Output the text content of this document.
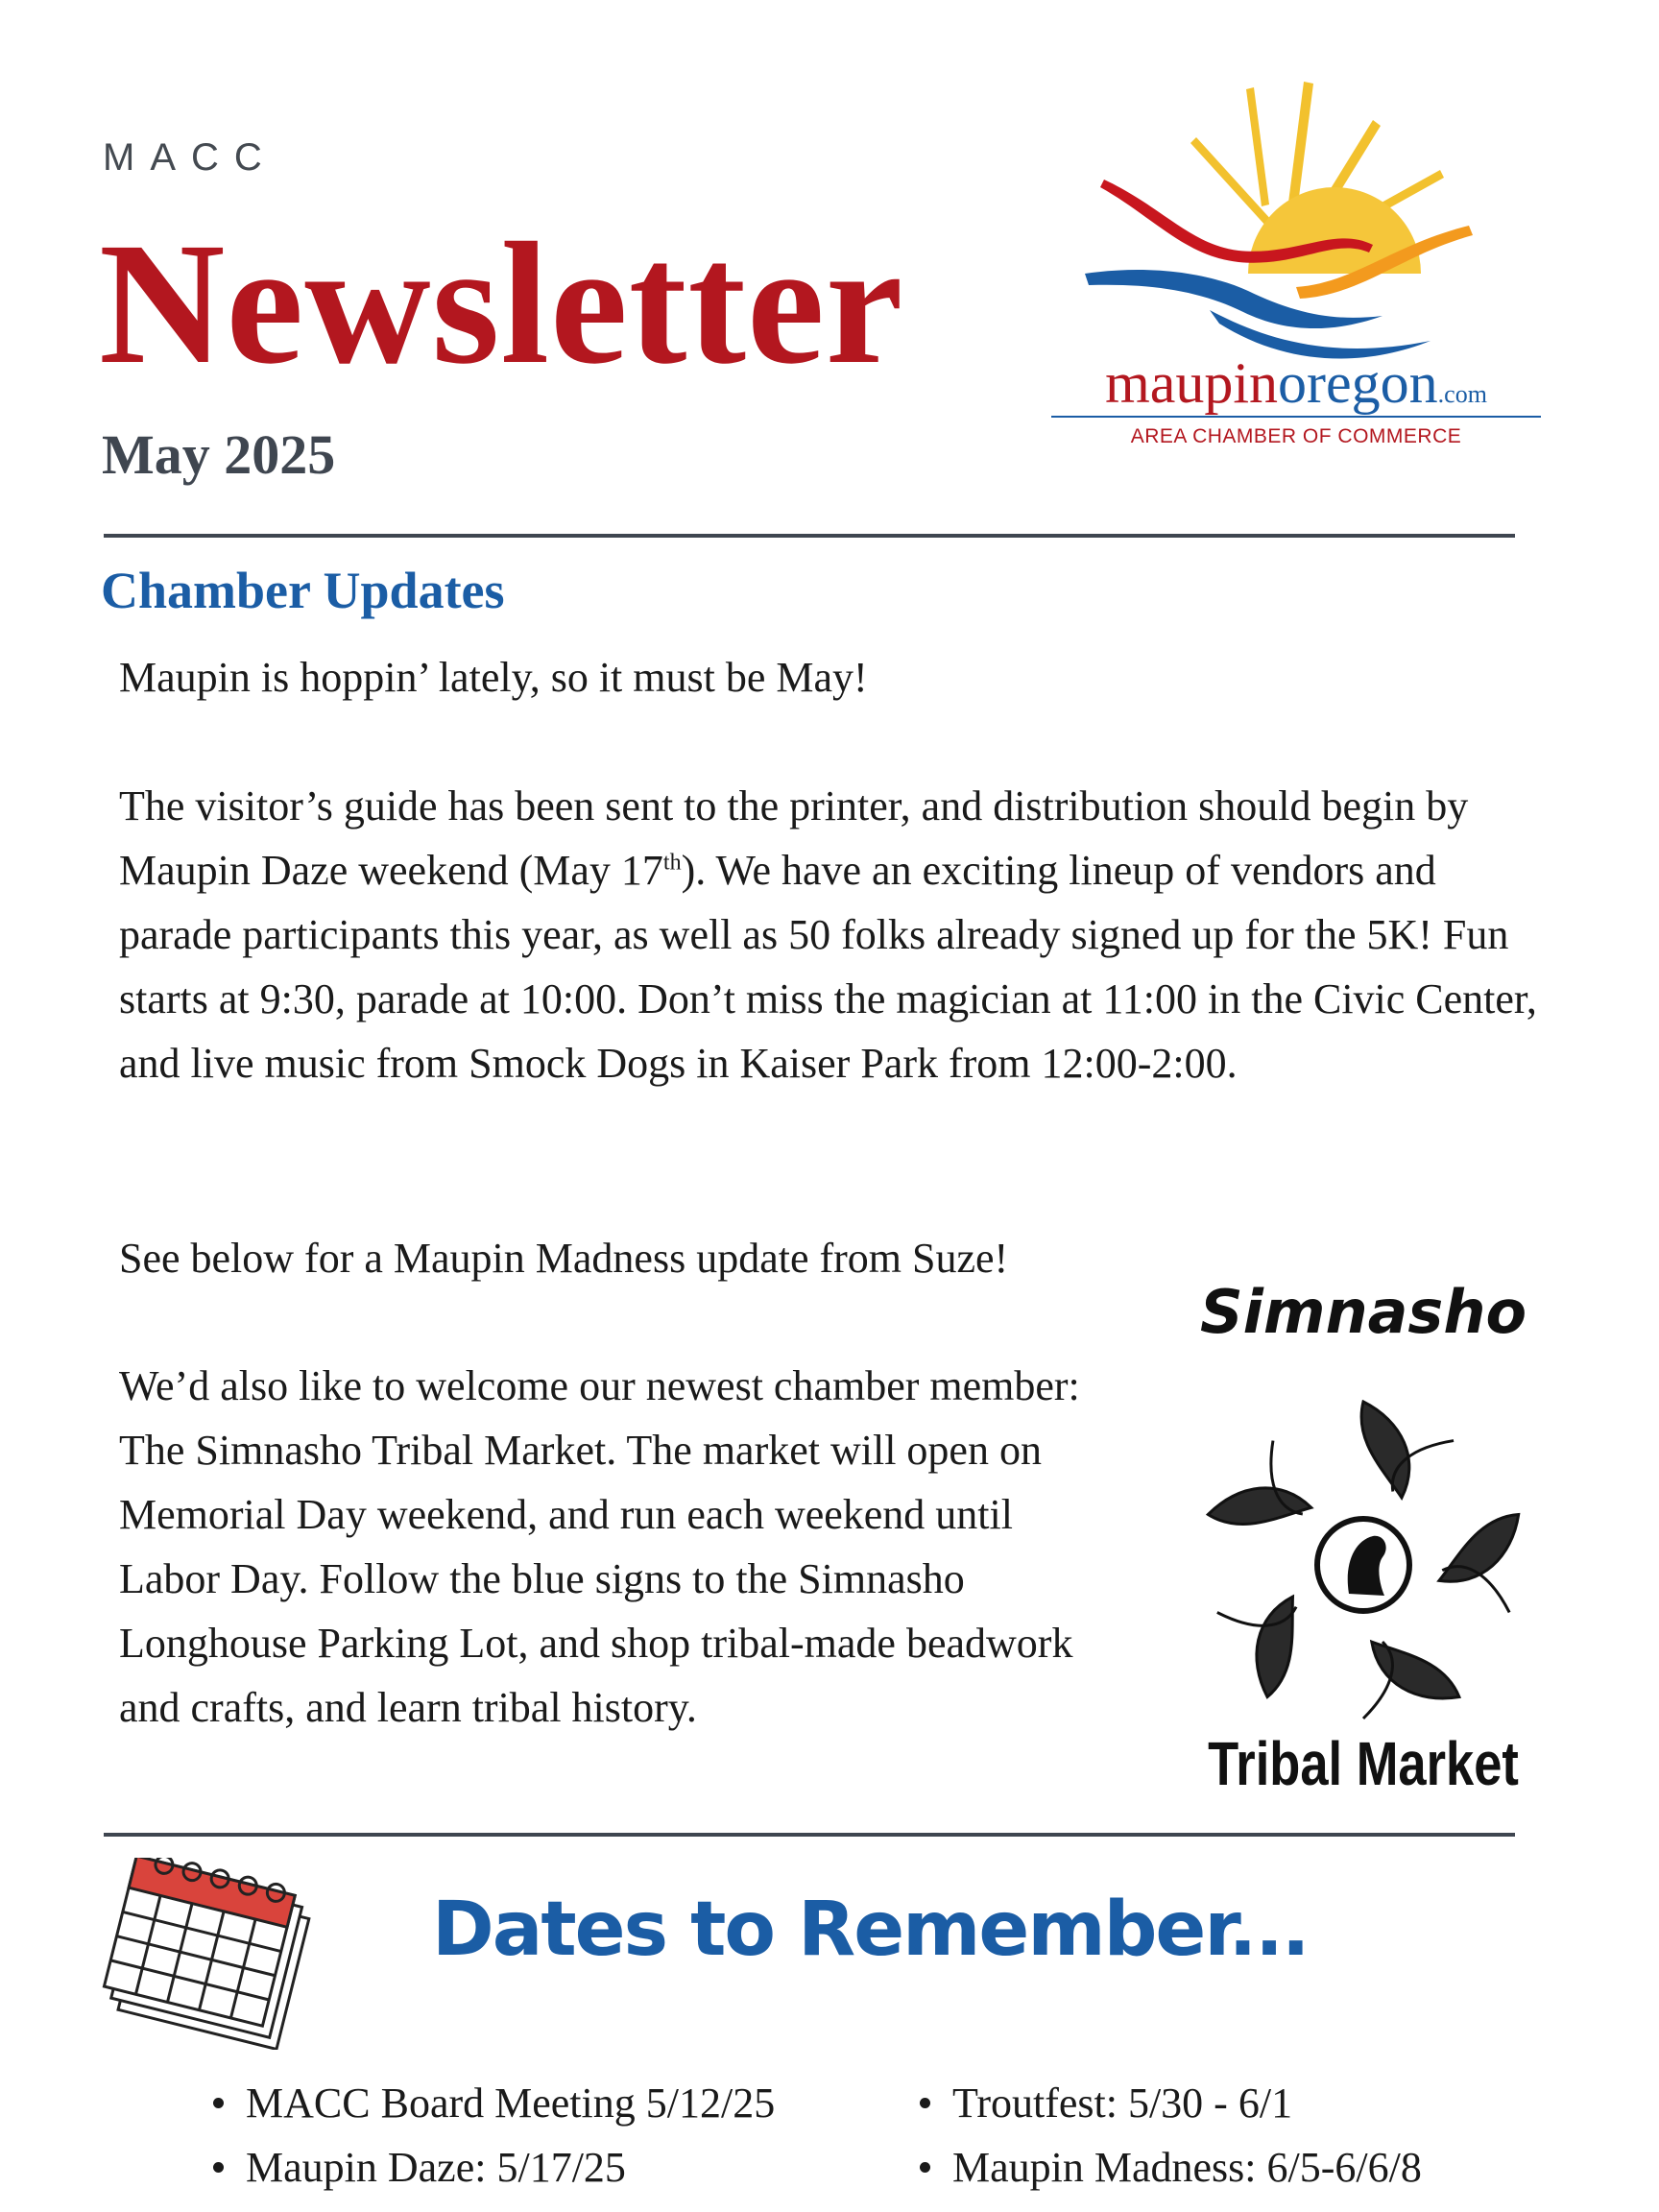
MACC
Newsletter
May 2025
maupinoregon.com
AREA CHAMBER OF COMMERCE
Chamber Updates
Maupin is hoppin’ lately, so it must be May!
The visitor’s guide has been sent to the printer, and distribution should begin by Maupin Daze weekend (May 17th). We have an exciting lineup of vendors and parade participants this year, as well as 50 folks already signed up for the 5K! Fun starts at 9:30, parade at 10:00. Don’t miss the magician at 11:00 in the Civic Center, and live music from Smock Dogs in Kaiser Park from 12:00-2:00.
See below for a Maupin Madness update from Suze!
We’d also like to welcome our newest chamber member: The Simnasho Tribal Market. The market will open on Memorial Day weekend, and run each weekend until Labor Day. Follow the blue signs to the Simnasho Longhouse Parking Lot, and shop tribal-made beadwork and crafts, and learn tribal history.
Simnasho
Tribal Market
Dates to Remember...
MACC Board Meeting 5/12/25
Maupin Daze: 5/17/25
Troutfest: 5/30 - 6/1
Maupin Madness: 6/5-6/6/8
